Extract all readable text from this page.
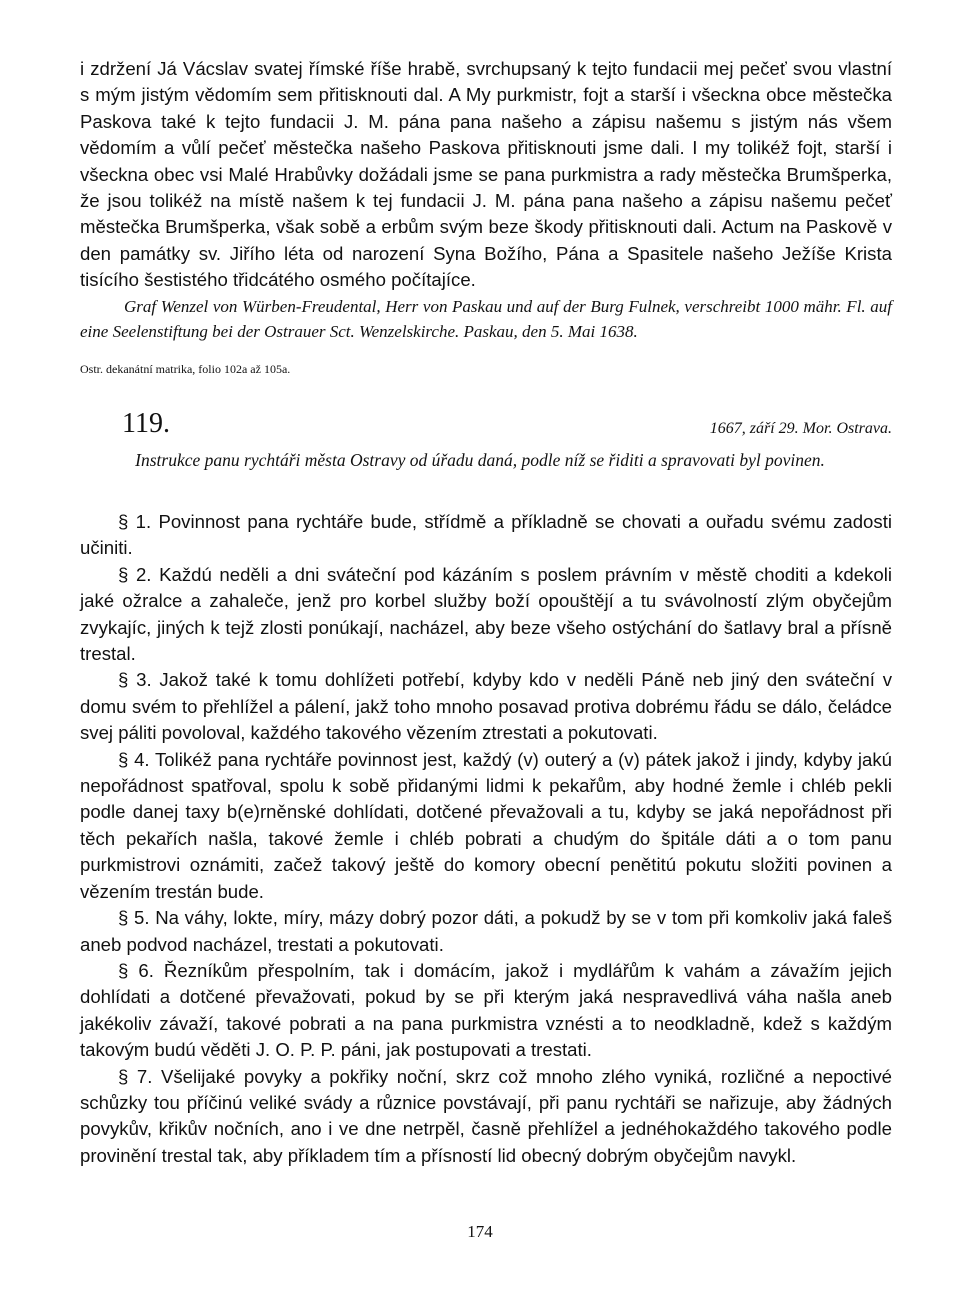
i zdržení Já Vácslav svatej římské říše hrabě, svrchupsaný k tejto fundacii mej pečeť svou vlastní s mým jistým vědomím sem přitisknouti dal. A My purkmistr, fojt a starší i všeckna obce městečka Paskova také k tejto fundacii J. M. pána pana našeho a zápisu našemu s jistým nás všem vědomím a vůlí pečeť městečka našeho Paskova přitisknouti jsme dali. I my tolikéž fojt, starší i všeckna obec vsi Malé Hrabůvky dožádali jsme se pana purkmistra a rady městečka Brumšperka, že jsou tolikéž na místě našem k tej fundacii J. M. pána pana našeho a zápisu našemu pečeť městečka Brumšperka, však sobě a erbům svým beze škody přitisknouti dali. Actum na Paskově v den památky sv. Jiřího léta od narození Syna Božího, Pána a Spasitele našeho Ježíše Krista tisícího šestistého třidcátého osmého počítajíce.

Graf Wenzel von Würben-Freudental, Herr von Paskau und auf der Burg Fulnek, verschreibt 1000 mähr. Fl. auf eine Seelenstiftung bei der Ostrauer Sct. Wenzelskirche. Paskau, den 5. Mai 1638.

Ostr. dekanátní matrika, folio 102a až 105a.

119.	1667, září 29. Mor. Ostrava.

Instrukce panu rychtáři města Ostravy od úřadu daná, podle níž se řiditi a spravovati byl povinen.

§ 1. Povinnost pana rychtáře bude, střídmě a příkladně se chovati a ouřadu svému zadosti učiniti.

§ 2. Každú neděli a dni sváteční pod kázáním s poslem právním v městě choditi a kdekoli jaké ožralce a zahaleče, jenž pro korbel služby boží opouštějí a tu svávolností zlým obyčejům zvykajíc, jiných k tejž zlosti ponúkají, nacházel, aby beze všeho ostýchání do šatlavy bral a přísně trestal.

§ 3. Jakož také k tomu dohlížeti potřebí, kdyby kdo v neděli Páně neb jiný den sváteční v domu svém to přehlížel a pálení, jakž toho mnoho posavad protiva dobrému řádu se dálo, čeládce svej páliti povoloval, každého takového vězením ztrestati a pokutovati.

§ 4. Tolikéž pana rychtáře povinnost jest, každý (v) outerý a (v) pátek jakož i jindy, kdyby jakú nepořádnost spatřoval, spolu k sobě přidanými lidmi k pekařům, aby hodné žemle i chléb pekli podle danej taxy b(e)rněnské dohlídati, dotčené převažovali a tu, kdyby se jaká nepořádnost při těch pekařích našla, takové žemle i chléb pobrati a chudým do špitále dáti a o tom panu purkmistrovi oznámiti, začež takový ještě do komory obecní penětitú pokutu složiti povinen a vězením trestán bude.

§ 5. Na váhy, lokte, míry, mázy dobrý pozor dáti, a pokudž by se v tom při komkoliv jaká faleš aneb podvod nacházel, trestati a pokutovati.

§ 6. Řezníkům přespolním, tak i domácím, jakož i mydlářům k vahám a závažím jejich dohlídati a dotčené převažovati, pokud by se při kterým jaká nespravedlivá váha našla aneb jakékoliv závaží, takové pobrati a na pana purkmistra vznésti a to neodkladně, kdež s každým takovým budú věděti J. O. P. P. páni, jak postupovati a trestati.

§ 7. Všelijaké povyky a pokřiky noční, skrz což mnoho zlého vyniká, rozličné a nepoctivé schůzky tou příčinú veliké svády a různice povstávají, při panu rychtáři se nařizuje, aby žádných povykův, křikův nočních, ano i ve dne netrpěl, časně přehlížel a jednéhokaždého takového podle provinění trestal tak, aby příkladem tím a přísností lid obecný dobrým obyčejům navykl.

174
